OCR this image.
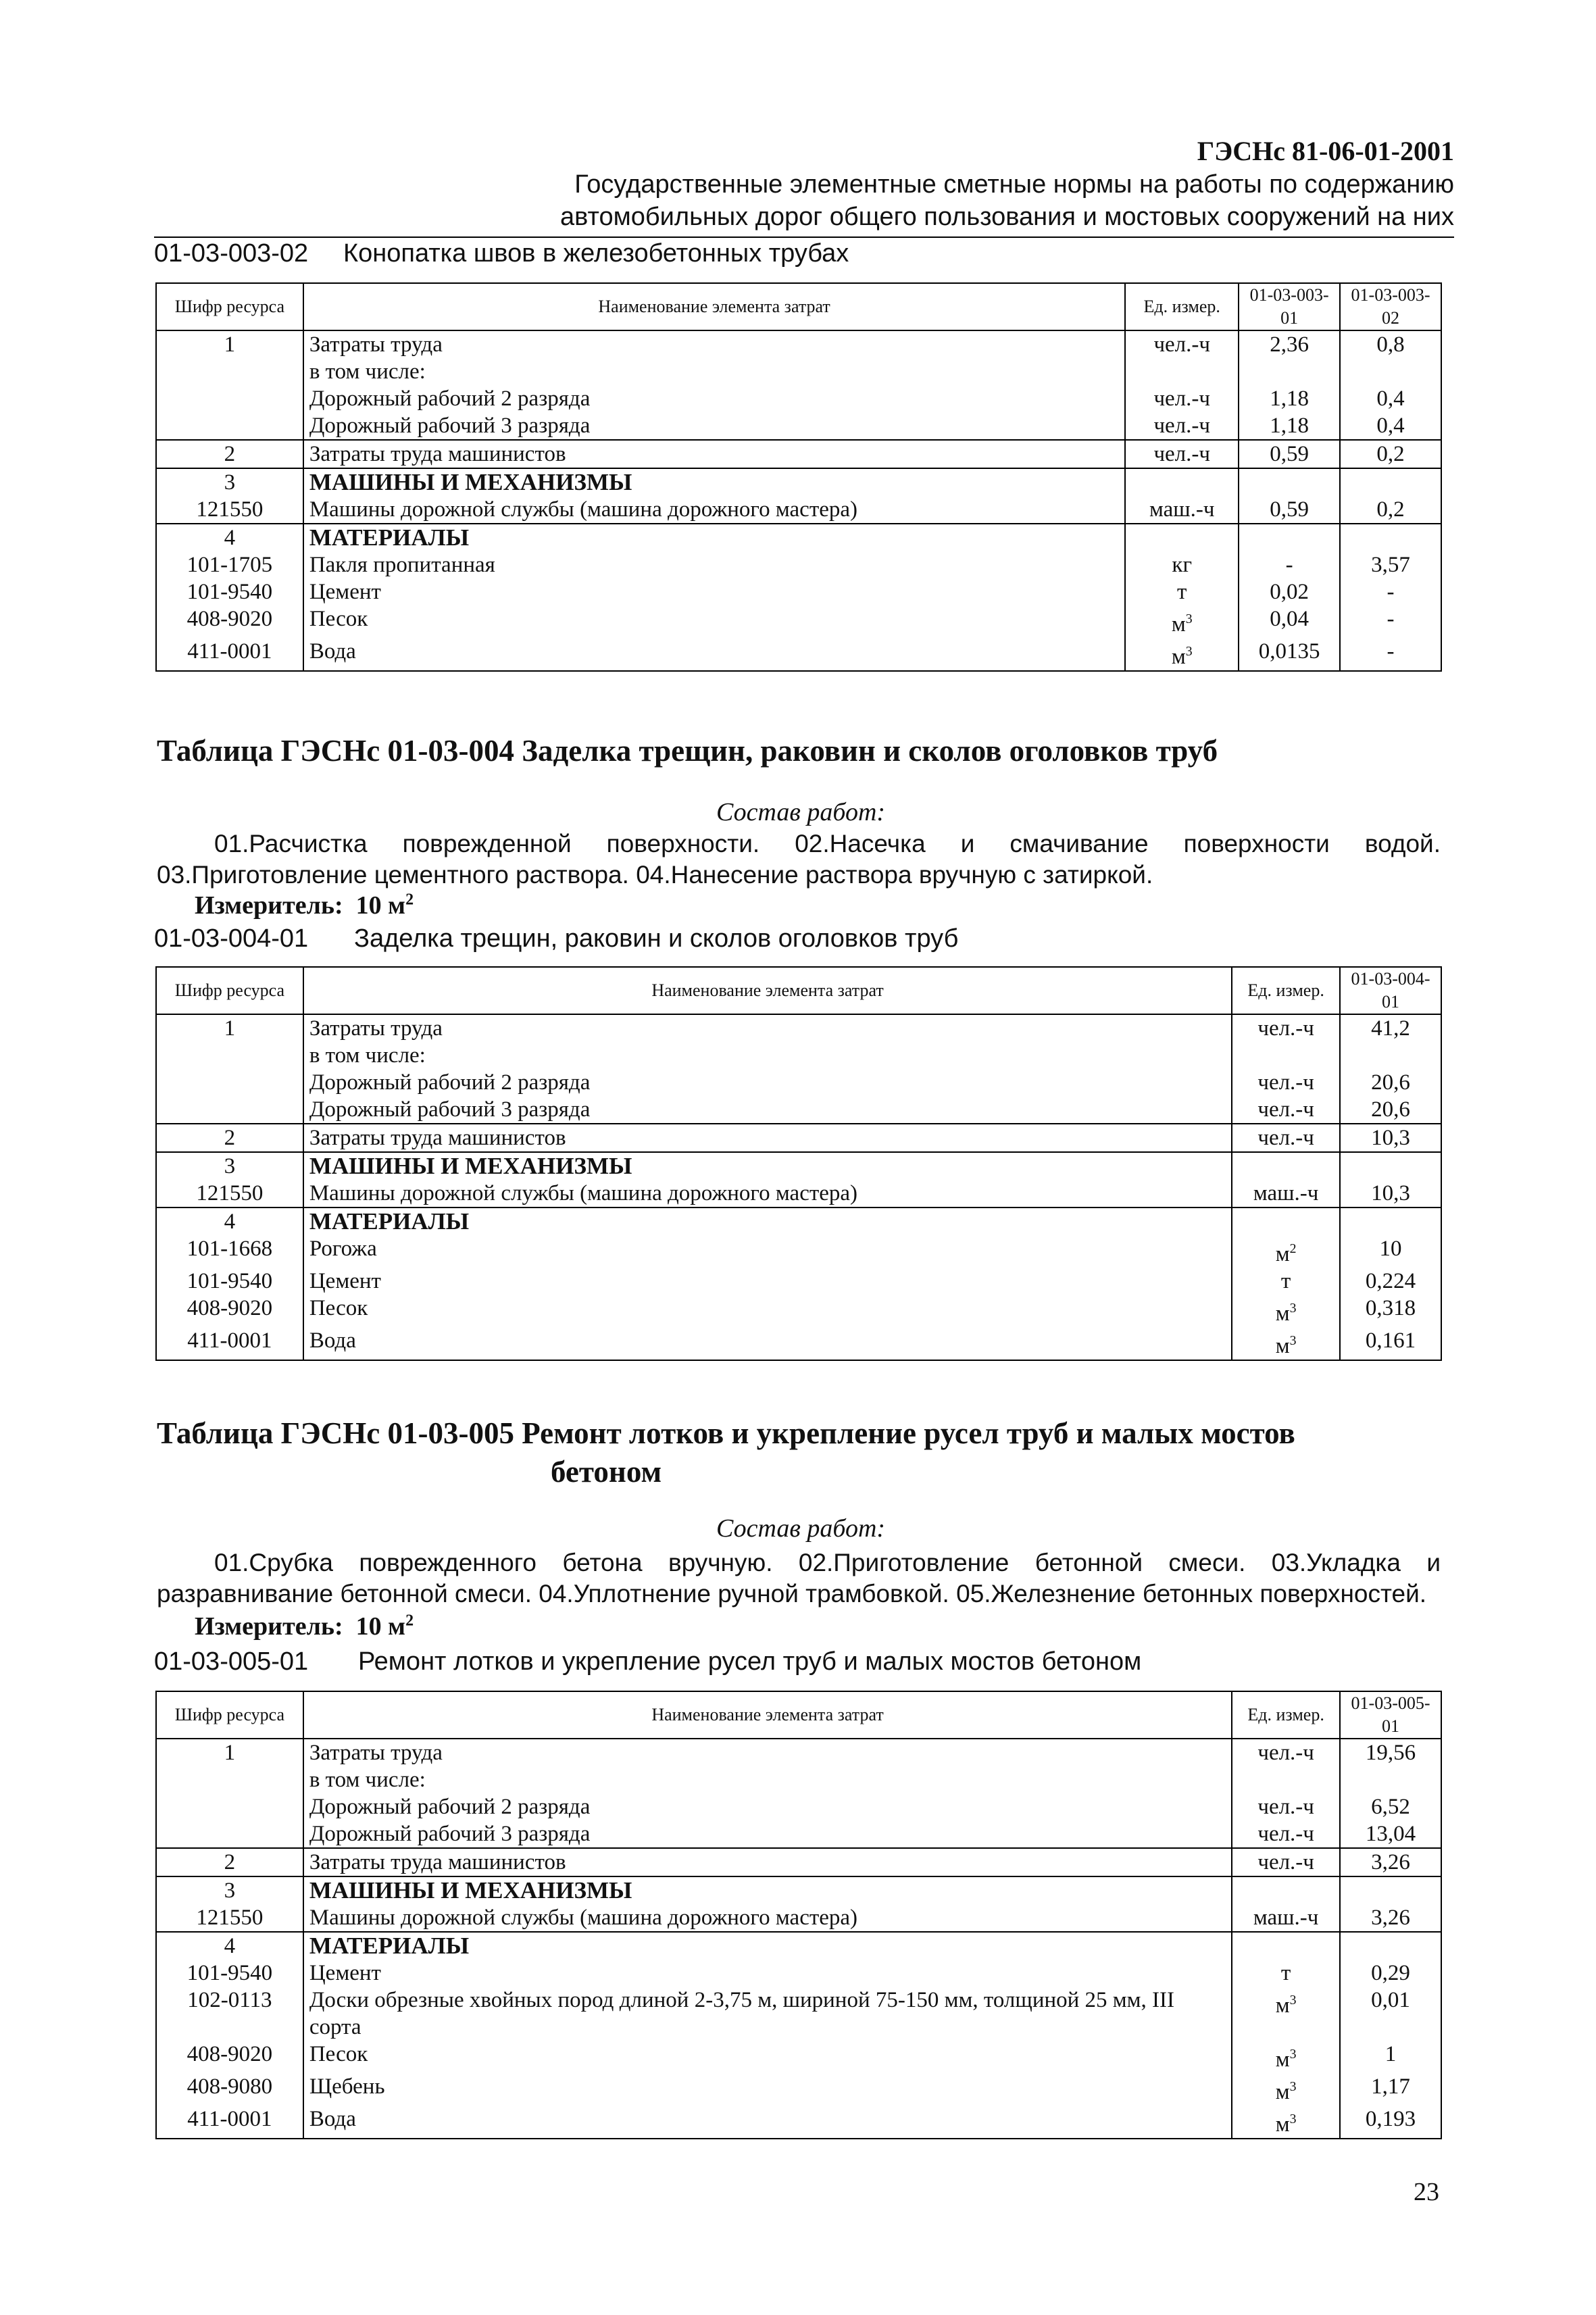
ГЭСНс 81-06-01-2001
Государственные элементные сметные нормы на работы по содержанию
автомобильных дорог общего пользования и мостовых сооружений на них
01-03-003-02 Конопатка швов в железобетонных трубах
Шифр ресурса	Наименование элемента затрат	Ед. измер.	01-03-003-01	01-03-003-02
1	Затраты труда	чел.-ч	2,36	0,8
	в том числе:			
	Дорожный рабочий 2 разряда	чел.-ч	1,18	0,4
	Дорожный рабочий 3 разряда	чел.-ч	1,18	0,4
2	Затраты труда машинистов	чел.-ч	0,59	0,2
3	МАШИНЫ И МЕХАНИЗМЫ			
121550	Машины дорожной службы (машина дорожного мастера)	маш.-ч	0,59	0,2
4	МАТЕРИАЛЫ			
101-1705	Пакля пропитанная	кг	-	3,57
101-9540	Цемент	т	0,02	-
408-9020	Песок	$м^3$	0,04	-
411-0001	Вода	$м^3$	0,0135	-
Таблица ГЭСНс 01-03-004 Заделка трещин, раковин и сколов оголовков труб
Состав работ:
01.Расчистка поврежденной поверхности. 02.Насечка и смачивание поверхности водой. 03.Приготовление цементного раствора. 04.Нанесение раствора вручную с затиркой.
Измеритель: 10 $м^2$
01-03-004-01 Заделка трещин, раковин и сколов оголовков труб
Шифр ресурса	Наименование элемента затрат	Ед. измер.	01-03-004-01
1	Затраты труда	чел.-ч	41,2
	в том числе:		
	Дорожный рабочий 2 разряда	чел.-ч	20,6
	Дорожный рабочий 3 разряда	чел.-ч	20,6
2	Затраты труда машинистов	чел.-ч	10,3
3	МАШИНЫ И МЕХАНИЗМЫ		
121550	Машины дорожной службы (машина дорожного мастера)	маш.-ч	10,3
4	МАТЕРИАЛЫ		
101-1668	Рогожа	$м^2$	10
101-9540	Цемент	т	0,224
408-9020	Песок	$м^3$	0,318
411-0001	Вода	$м^3$	0,161
Таблица ГЭСНс 01-03-005 Ремонт лотков и укрепление русел труб и малых мостов
бетоном
Состав работ:
01.Срубка поврежденного бетона вручную. 02.Приготовление бетонной смеси. 03.Укладка и разравнивание бетонной смеси. 04.Уплотнение ручной трамбовкой. 05.Железнение бетонных поверхностей.
Измеритель: 10 $м^2$
01-03-005-01 Ремонт лотков и укрепление русел труб и малых мостов бетоном
Шифр ресурса	Наименование элемента затрат	Ед. измер.	01-03-005-01
1	Затраты труда	чел.-ч	19,56
	в том числе:		
	Дорожный рабочий 2 разряда	чел.-ч	6,52
	Дорожный рабочий 3 разряда	чел.-ч	13,04
2	Затраты труда машинистов	чел.-ч	3,26
3	МАШИНЫ И МЕХАНИЗМЫ		
121550	Машины дорожной службы (машина дорожного мастера)	маш.-ч	3,26
4	МАТЕРИАЛЫ		
101-9540	Цемент	т	0,29
102-0113	Доски обрезные хвойных пород длиной 2-3,75 м, шириной 75-150 мм, толщиной 25 мм, III сорта	$м^3$	0,01
408-9020	Песок	$м^3$	1
408-9080	Щебень	$м^3$	1,17
411-0001	Вода	$м^3$	0,193
23
